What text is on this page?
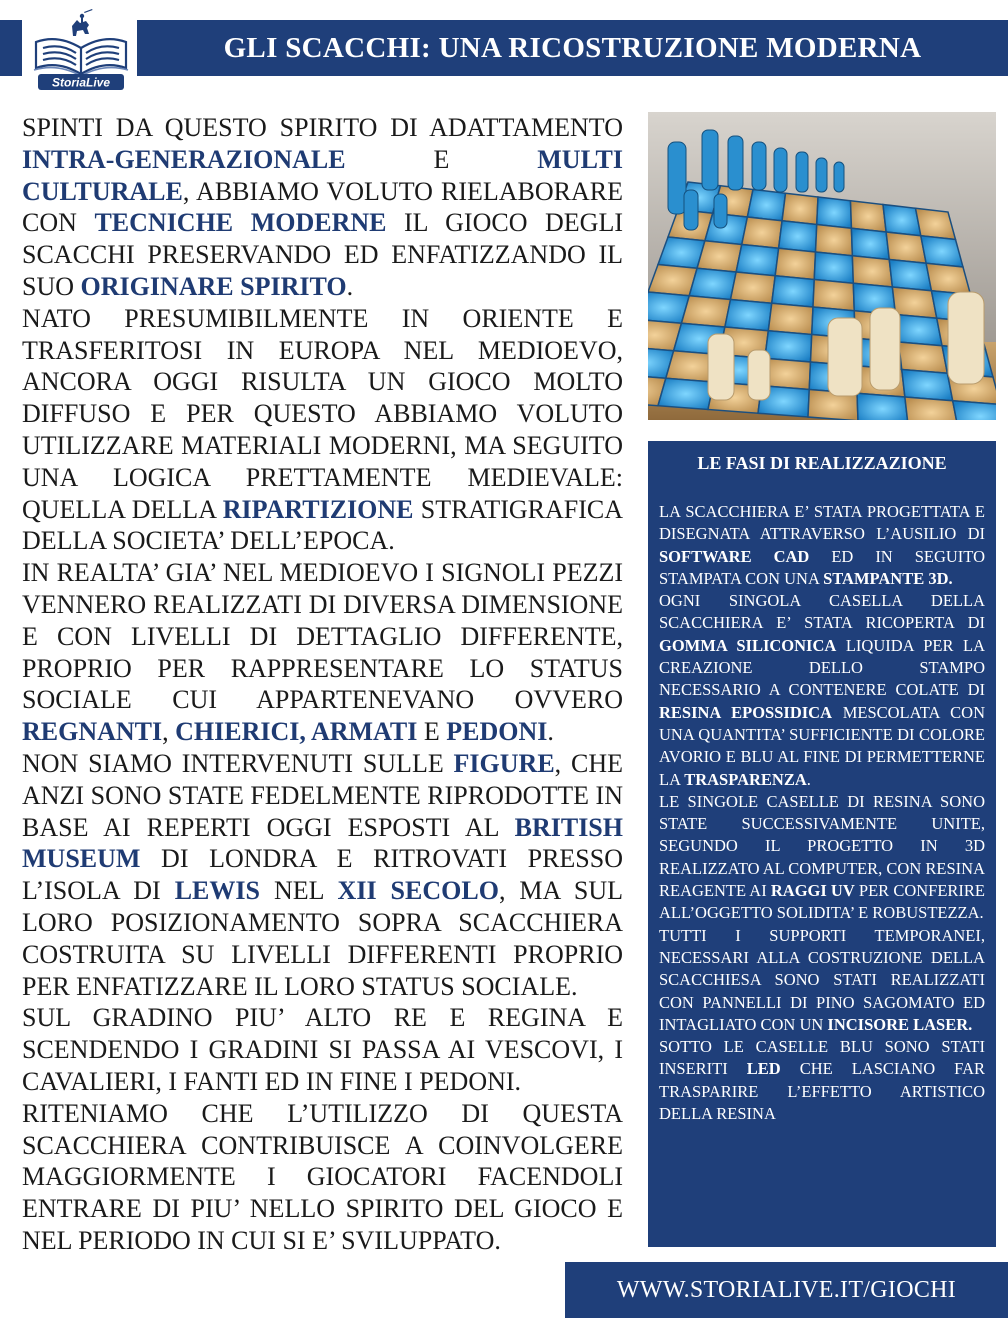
StoriaLive
GLI SCACCHI: UNA RICOSTRUZIONE MODERNA

SPINTI DA QUESTO SPIRITO DI ADATTAMENTO INTRA-GENERAZIONALE E MULTI CULTURALE, ABBIAMO VOLUTO RIELABORARE CON TECNICHE MODERNE IL GIOCO DEGLI SCACCHI PRESERVANDO ED ENFATIZZANDO IL SUO ORIGINARE SPIRITO.

NATO PRESUMIBILMENTE IN ORIENTE E TRASFERITOSI IN EUROPA NEL MEDIOEVO, ANCORA OGGI RISULTA UN GIOCO MOLTO DIFFUSO E PER QUESTO ABBIAMO VOLUTO UTILIZZARE MATERIALI MODERNI, MA SEGUITO UNA LOGICA PRETTAMENTE MEDIEVALE: QUELLA DELLA RIPARTIZIONE STRATIGRAFICA DELLA SOCIETA’ DELL’EPOCA.

IN REALTA’ GIA’ NEL MEDIOEVO I SIGNOLI PEZZI VENNERO REALIZZATI DI DIVERSA DIMENSIONE E CON LIVELLI DI DETTAGLIO DIFFERENTE, PROPRIO PER RAPPRESENTARE LO STATUS SOCIALE CUI APPARTENEVANO OVVERO REGNANTI, CHIERICI, ARMATI E PEDONI.

NON SIAMO INTERVENUTI SULLE FIGURE, CHE ANZI SONO STATE FEDELMENTE RIPRODOTTE IN BASE AI REPERTI OGGI ESPOSTI AL BRITISH MUSEUM DI LONDRA E RITROVATI PRESSO L’ISOLA DI LEWIS NEL XII SECOLO, MA SUL LORO POSIZIONAMENTO SOPRA SCACCHIERA COSTRUITA SU LIVELLI DIFFERENTI PROPRIO PER ENFATIZZARE IL LORO STATUS SOCIALE.

SUL GRADINO PIU’ ALTO RE E REGINA E SCENDENDO I GRADINI SI PASSA AI VESCOVI, I CAVALIERI, I FANTI ED IN FINE I PEDONI.

RITENIAMO CHE L’UTILIZZO DI QUESTA SCACCHIERA CONTRIBUISCE A COINVOLGERE MAGGIORMENTE I GIOCATORI FACENDOLI ENTRARE DI PIU’ NELLO SPIRITO DEL GIOCO E NEL PERIODO IN CUI SI E’ SVILUPPATO.

LE FASI DI REALIZZAZIONE

LA SCACCHIERA E’ STATA PROGETTATA E DISEGNATA ATTRAVERSO L’AUSILIO DI SOFTWARE CAD ED IN SEGUITO STAMPATA CON UNA STAMPANTE 3D.

OGNI SINGOLA CASELLA DELLA SCACCHIERA E’ STATA RICOPERTA DI GOMMA SILICONICA LIQUIDA PER LA CREAZIONE DELLO STAMPO NECESSARIO A CONTENERE COLATE DI RESINA EPOSSIDICA MESCOLATA CON UNA QUANTITA’ SUFFICIENTE DI COLORE AVORIO E BLU AL FINE DI PERMETTERNE LA TRASPARENZA.

LE SINGOLE CASELLE DI RESINA SONO STATE SUCCESSIVAMENTE UNITE, SEGUNDO IL PROGETTO IN 3D REALIZZATO AL COMPUTER, CON RESINA REAGENTE AI RAGGI UV PER CONFERIRE ALL’OGGETTO SOLIDITA’ E ROBUSTEZZA.

TUTTI I SUPPORTI TEMPORANEI, NECESSARI ALLA COSTRUZIONE DELLA SCACCHIESA SONO STATI REALIZZATI CON PANNELLI DI PINO SAGOMATO ED INTAGLIATO CON UN INCISORE LASER.

SOTTO LE CASELLE BLU SONO STATI INSERITI LED CHE LASCIANO FAR TRASPARIRE L’EFFETTO ARTISTICO DELLA RESINA

WWW.STORIALIVE.IT/GIOCHI
